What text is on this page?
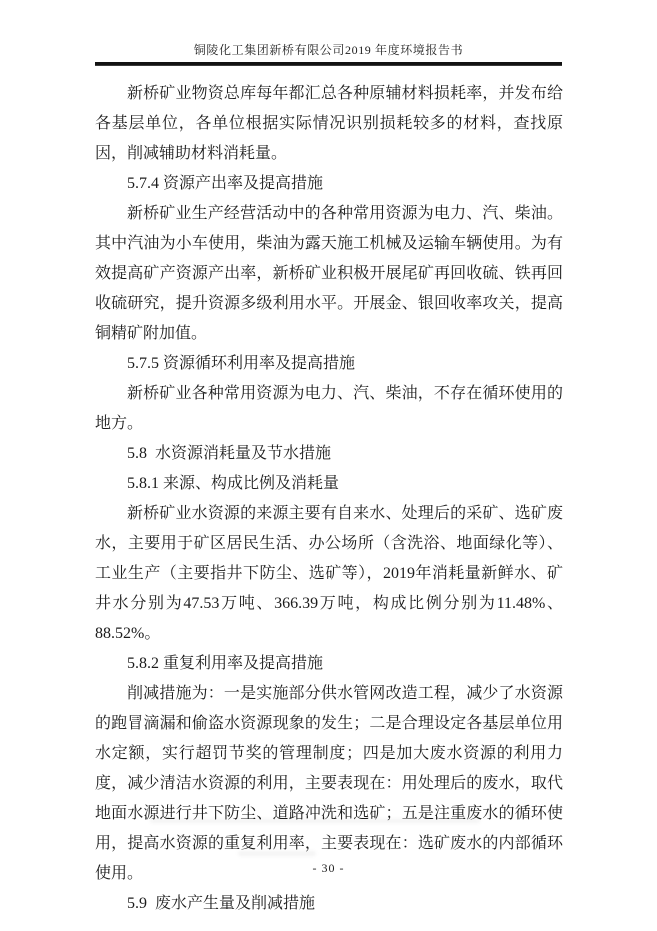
铜陵化工集团新桥有限公司2019 年度环境报告书

新桥矿业物资总库每年都汇总各种原辅材料损耗率，并发布给各基层单位，各单位根据实际情况识别损耗较多的材料，查找原因，削减辅助材料消耗量。

5.7.4 资源产出率及提高措施

新桥矿业生产经营活动中的各种常用资源为电力、汽、柴油。其中汽油为小车使用，柴油为露天施工机械及运输车辆使用。为有效提高矿产资源产出率，新桥矿业积极开展尾矿再回收硫、铁再回收硫研究，提升资源多级利用水平。开展金、银回收率攻关，提高铜精矿附加值。

5.7.5 资源循环利用率及提高措施

新桥矿业各种常用资源为电力、汽、柴油，不存在循环使用的地方。

5.8  水资源消耗量及节水措施

5.8.1 来源、构成比例及消耗量

新桥矿业水资源的来源主要有自来水、处理后的采矿、选矿废水，主要用于矿区居民生活、办公场所（含洗浴、地面绿化等）、工业生产（主要指井下防尘、选矿等），2019年消耗量新鲜水、矿井水分别为47.53万吨、366.39万吨，构成比例分别为11.48%、88.52%。

5.8.2 重复利用率及提高措施

削减措施为：一是实施部分供水管网改造工程，减少了水资源的跑冒滴漏和偷盗水资源现象的发生；二是合理设定各基层单位用水定额，实行超罚节奖的管理制度；四是加大废水资源的利用力度，减少清洁水资源的利用，主要表现在：用处理后的废水，取代地面水源进行井下防尘、道路冲洗和选矿；五是注重废水的循环使用，提高水资源的重复利用率，主要表现在：选矿废水的内部循环使用。

5.9  废水产生量及削减措施

- 30 -
